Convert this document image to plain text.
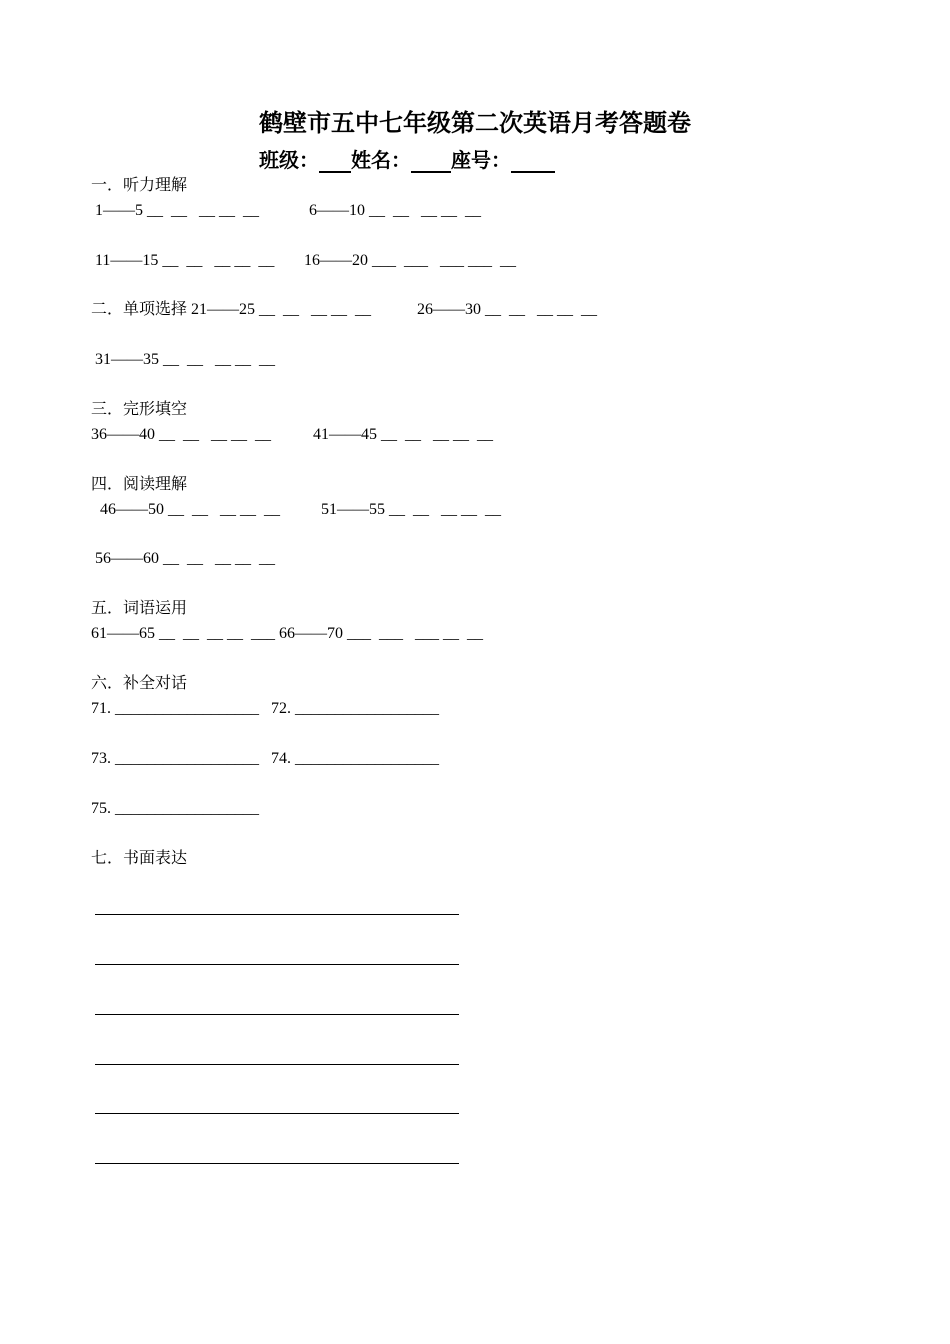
鹤壁市五中七年级第二次英语月考答题卷
班级： 姓名： 座号：
一．听力理解
1——5 __  __   __ __  __	6——10 __  __   __ __  __
11——15 __  __   __ __  __ 16——20 ___  ___   ___ ___  __
二．单项选择 21——25 __  __   __ __  __	26——30 __  __   __ __  __
31——35 __  __   __ __  __
三．完形填空
36——40 __  __   __ __  __	41——45 __  __   __ __  __
四．阅读理解
46——50 __  __   __ __  __	51——55 __  __   __ __  __
56——60 __  __   __ __  __
五．词语运用
61——65 __  __  __ __  ___ 66——70 ___  ___   ___ __  __
六．补全对话
71. __________________ 72. __________________
73. __________________ 74. __________________
75. __________________
七．书面表达
